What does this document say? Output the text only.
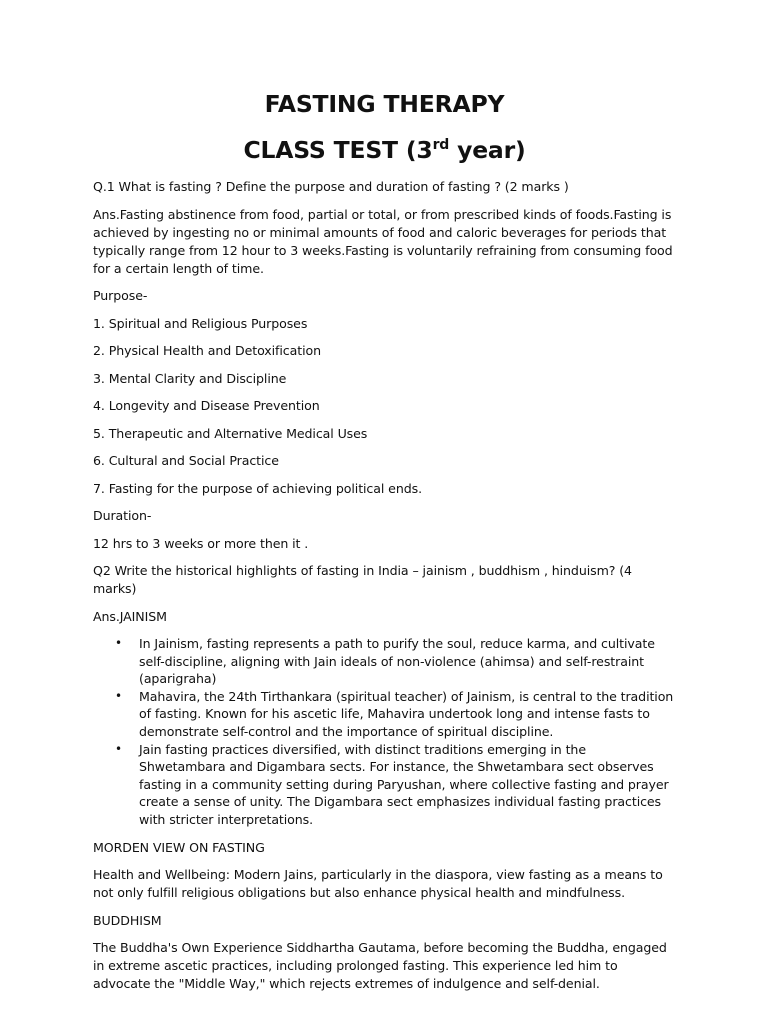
FASTING THERAPY
CLASS TEST (3rd year)

Q.1 What is fasting ? Define the purpose and duration of fasting ? (2 marks )

Ans.Fasting abstinence from food, partial or total, or from prescribed kinds of foods.Fasting is achieved by ingesting no or minimal amounts of food and caloric beverages for periods that typically range from 12 hour to 3 weeks.Fasting is voluntarily refraining from consuming food for a certain length of time.

Purpose-

1. Spiritual and Religious Purposes

2. Physical Health and Detoxification

3. Mental Clarity and Discipline

4. Longevity and Disease Prevention

5. Therapeutic and Alternative Medical Uses

6. Cultural and Social Practice

7. Fasting for the purpose of achieving political ends.

Duration-

12 hrs to 3 weeks or more then it .

Q2 Write the historical highlights of fasting in India – jainism , buddhism , hinduism? (4 marks)

Ans.JAINISM

• In Jainism, fasting represents a path to purify the soul, reduce karma, and cultivate self-discipline, aligning with Jain ideals of non-violence (ahimsa) and self-restraint (aparigraha)
• Mahavira, the 24th Tirthankara (spiritual teacher) of Jainism, is central to the tradition of fasting. Known for his ascetic life, Mahavira undertook long and intense fasts to demonstrate self-control and the importance of spiritual discipline.
• Jain fasting practices diversified, with distinct traditions emerging in the Shwetambara and Digambara sects. For instance, the Shwetambara sect observes fasting in a community setting during Paryushan, where collective fasting and prayer create a sense of unity. The Digambara sect emphasizes individual fasting practices with stricter interpretations.

MORDEN VIEW ON FASTING

Health and Wellbeing: Modern Jains, particularly in the diaspora, view fasting as a means to not only fulfill religious obligations but also enhance physical health and mindfulness.

BUDDHISM

The Buddha's Own Experience Siddhartha Gautama, before becoming the Buddha, engaged in extreme ascetic practices, including prolonged fasting. This experience led him to advocate the "Middle Way," which rejects extremes of indulgence and self-denial.
